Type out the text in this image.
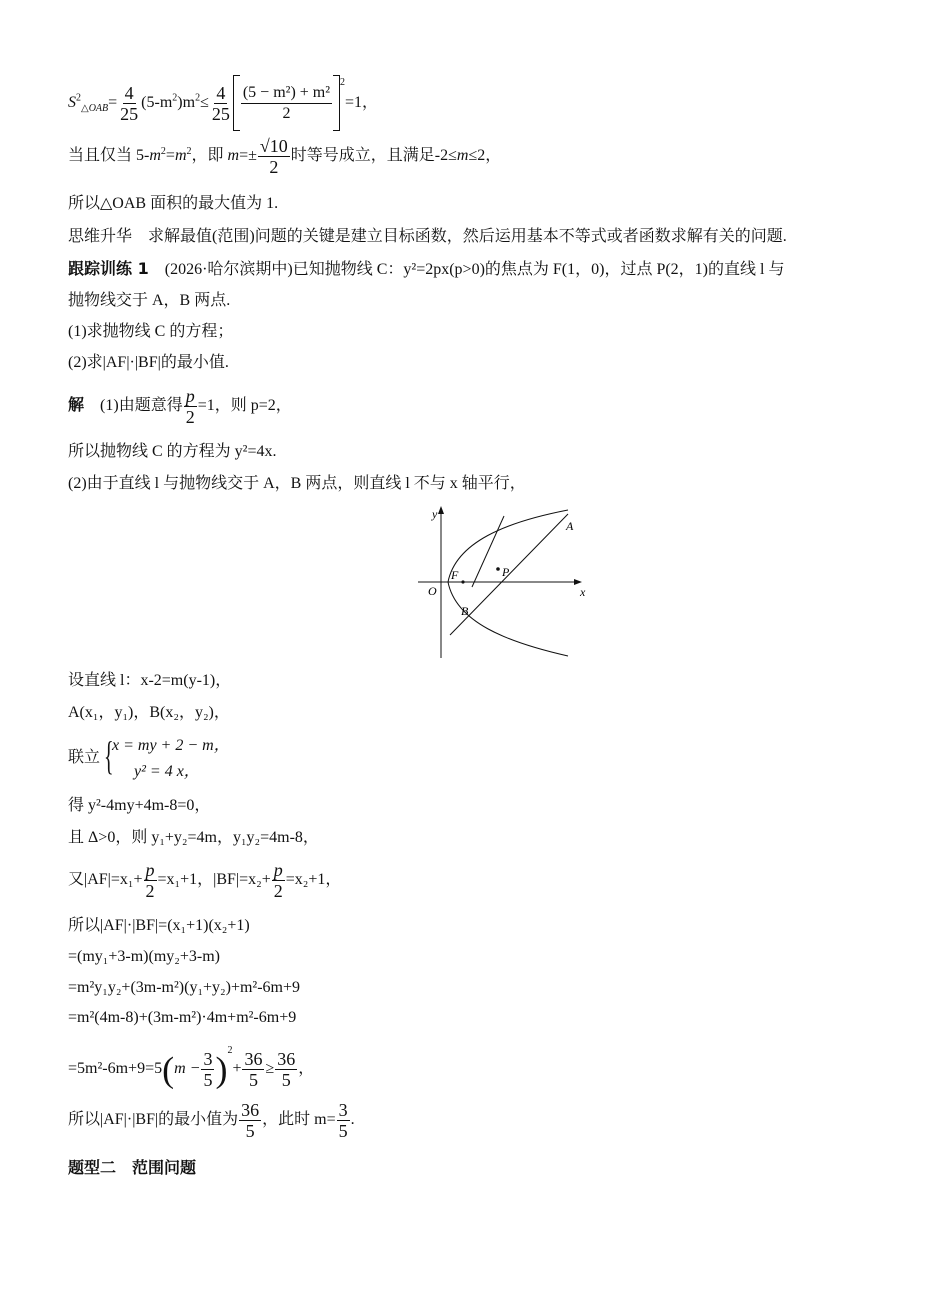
$S^2_{\triangle OAB}= \frac{4}{25} (5-m^2)m^2\le \frac{4}{25} \frac{\text{(5 − m²) + m²}}{2}$
$^2$=1，
当且仅当 $5-m^2=m^2$，即 $m=\pm \frac{√10}{2}$ 时等号成立，且满足-2≤m≤2，
所以△OAB 面积的最大值为 1.
思维升华　 求解最值(范围)问题的关键是建立目标函数，然后运用基本不等式或者函数求解有关的问题.
跟踪训练 1　 (2026·哈尔滨期中)已知抛物线 C：y²=2px(p>0)的焦点为 F(1，0)，过点 P(2，1)的直线 l 与
抛物线交于 A，B 两点.
(1)求抛物线 C 的方程；
(2)求|AF|·|BF|的最小值.
解　 (1)由题意得 $\frac{p}{2} =1$，则 p=2，
所以抛物线 C 的方程为 y²=4x.
(2)由于直线 l 与抛物线交于 A，B 两点，则直线 l 不与 x 轴平行，
y
x
O
F	P
A
B
设直线 l：x-2=m(y-1)，
A(x₁，y₁)，B(x₂，y₂)，
联立 {
x = my + 2 − m，
y² = 4 x，
得 y²-4my+4m-8=0，
且 Δ>0，则 y₁+y₂=4m，y₁y₂=4m-8，
又$|AF|=x_1+ \frac{p}{2} =x_1+1$，$|BF|=x_2+ \frac{p}{2} =x_2+1$，
所以|AF|·|BF|=(x₁+1)(x₂+1)
=(my₁+3-m)(my₂+3-m)
=m²y₁y₂+(3m-m²)(y₁+y₂)+m²-6m+9
=m²(4m-8)+(3m-m²)·4m+m²-6m+9
$=5m^2-6m+9=5(m - \frac{3}{5} )^2+ \frac{36}{5} \ge \frac{36}{5}$ ，
所以|AF|·|BF|的最小值为 $\frac{36}{5}$ ，此时 $m= \frac{3}{5}$ .
题型二　范围问题
